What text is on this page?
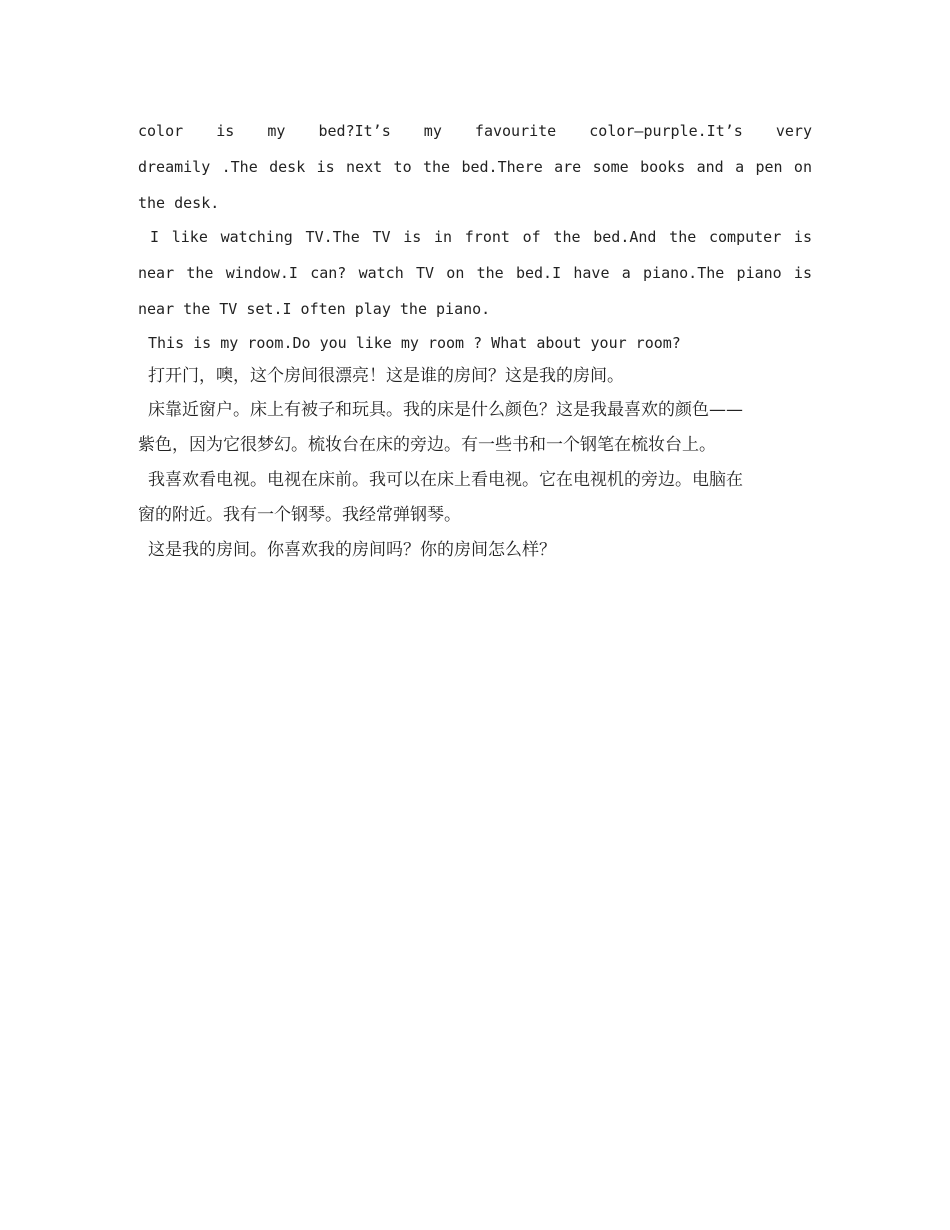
color is my bed?It’s my favourite color—purple.It’s very
dreamily .The desk is next to the bed.There are some books and a pen on
the desk.
I like watching TV.The TV is in front of the bed.And the computer is
near the window.I can? watch TV on the bed.I have a piano.The piano is
near the TV set.I often play the piano.
This is my room.Do you like my room ? What about your room?
打开门，噢，这个房间很漂亮！这是谁的房间？这是我的房间。
床靠近窗户。床上有被子和玩具。我的床是什么颜色？这是我最喜欢的颜色——
紫色，因为它很梦幻。梳妆台在床的旁边。有一些书和一个钢笔在梳妆台上。
我喜欢看电视。电视在床前。我可以在床上看电视。它在电视机的旁边。电脑在
窗的附近。我有一个钢琴。我经常弹钢琴。
这是我的房间。你喜欢我的房间吗？你的房间怎么样？
